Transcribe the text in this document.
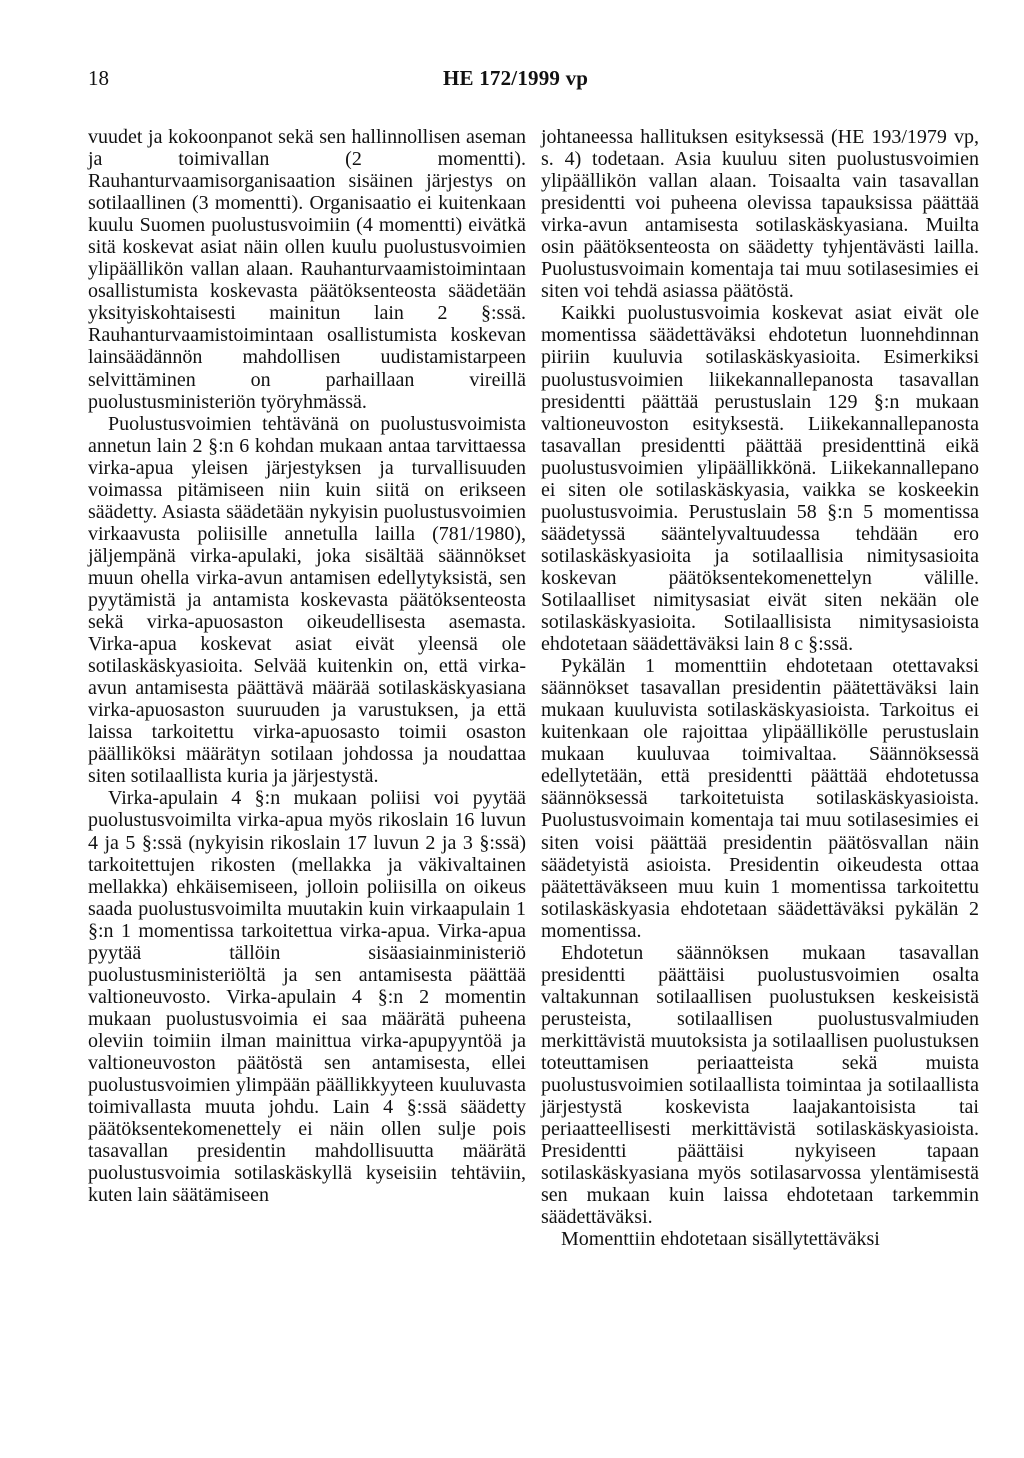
18	HE 172/1999 vp

vuudet ja kokoonpanot sekä sen hallinnollisen aseman ja toimivallan (2 momentti). Rauhanturvaamisorganisaation sisäinen järjestys on sotilaallinen (3 momentti). Organisaatio ei kuitenkaan kuulu Suomen puolustusvoimiin (4 momentti) eivätkä sitä koskevat asiat näin ollen kuulu puolustusvoimien ylipäällikön vallan alaan. Rauhanturvaamistoimintaan osallistumista koskevasta päätöksenteosta säädetään yksityiskohtaisesti mainitun lain 2 §:ssä. Rauhanturvaamistoimintaan osallistumista koskevan lainsäädännön mahdollisen uudistamistarpeen selvittäminen on parhaillaan vireillä puolustusministeriön työryhmässä.

Puolustusvoimien tehtävänä on puolustusvoimista annetun lain 2 §:n 6 kohdan mukaan antaa tarvittaessa virka-apua yleisen järjestyksen ja turvallisuuden voimassa pitämiseen niin kuin siitä on erikseen säädetty. Asiasta säädetään nykyisin puolustusvoimien virkaavusta poliisille annetulla lailla (781/1980), jäljempänä virka-apulaki, joka sisältää säännökset muun ohella virka-avun antamisen edellytyksistä, sen pyytämistä ja antamista koskevasta päätöksenteosta sekä virka-apuosaston oikeudellisesta asemasta. Virka-apua koskevat asiat eivät yleensä ole sotilaskäskyasioita. Selvää kuitenkin on, että virka-avun antamisesta päättävä määrää sotilaskäskyasiana virka-apuosaston suuruuden ja varustuksen, ja että laissa tarkoitettu virka-apuosasto toimii osaston päälliköksi määrätyn sotilaan johdossa ja noudattaa siten sotilaallista kuria ja järjestystä.

Virka-apulain 4 §:n mukaan poliisi voi pyytää puolustusvoimilta virka-apua myös rikoslain 16 luvun 4 ja 5 §:ssä (nykyisin rikoslain 17 luvun 2 ja 3 §:ssä) tarkoitettujen rikosten (mellakka ja väkivaltainen mellakka) ehkäisemiseen, jolloin poliisilla on oikeus saada puolustusvoimilta muutakin kuin virkaapulain 1 §:n 1 momentissa tarkoitettua virka-apua. Virka-apua pyytää tällöin sisäasiainministeriö puolustusministeriöltä ja sen antamisesta päättää valtioneuvosto. Virka-apulain 4 §:n 2 momentin mukaan puolustusvoimia ei saa määrätä puheena oleviin toimiin ilman mainittua virka-apupyyntöä ja valtioneuvoston päätöstä sen antamisesta, ellei puolustusvoimien ylimpään päällikkyyteen kuuluvasta toimivallasta muuta johdu. Lain 4 §:ssä säädetty päätöksentekomenettely ei näin ollen sulje pois tasavallan presidentin mahdollisuutta määrätä puolustusvoimia sotilaskäskyllä kyseisiin tehtäviin, kuten lain säätämiseen

johtaneessa hallituksen esityksessä (HE 193/1979 vp, s. 4) todetaan. Asia kuuluu siten puolustusvoimien ylipäällikön vallan alaan. Toisaalta vain tasavallan presidentti voi puheena olevissa tapauksissa päättää virka-avun antamisesta sotilaskäskyasiana. Muilta osin päätöksenteosta on säädetty tyhjentävästi lailla. Puolustusvoimain komentaja tai muu sotilasesimies ei siten voi tehdä asiassa päätöstä.

Kaikki puolustusvoimia koskevat asiat eivät ole momentissa säädettäväksi ehdotetun luonnehdinnan piiriin kuuluvia sotilaskäskyasioita. Esimerkiksi puolustusvoimien liikekannallepanosta tasavallan presidentti päättää perustuslain 129 §:n mukaan valtioneuvoston esityksestä. Liikekannallepanosta tasavallan presidentti päättää presidenttinä eikä puolustusvoimien ylipäällikkönä. Liikekannallepano ei siten ole sotilaskäskyasia, vaikka se koskeekin puolustusvoimia. Perustuslain 58 §:n 5 momentissa säädetyssä sääntelyvaltuudessa tehdään ero sotilaskäskyasioita ja sotilaallisia nimitysasioita koskevan päätöksentekomenettelyn välille. Sotilaalliset nimitysasiat eivät siten nekään ole sotilaskäskyasioita. Sotilaallisista nimitysasioista ehdotetaan säädettäväksi lain 8 c §:ssä.

Pykälän 1 momenttiin ehdotetaan otettavaksi säännökset tasavallan presidentin päätettäväksi lain mukaan kuuluvista sotilaskäskyasioista. Tarkoitus ei kuitenkaan ole rajoittaa ylipäällikölle perustuslain mukaan kuuluvaa toimivaltaa. Säännöksessä edellytetään, että presidentti päättää ehdotetussa säännöksessä tarkoitetuista sotilaskäskyasioista. Puolustusvoimain komentaja tai muu sotilasesimies ei siten voisi päättää presidentin päätösvallan näin säädetyistä asioista. Presidentin oikeudesta ottaa päätettäväkseen muu kuin 1 momentissa tarkoitettu sotilaskäskyasia ehdotetaan säädettäväksi pykälän 2 momentissa.

Ehdotetun säännöksen mukaan tasavallan presidentti päättäisi puolustusvoimien osalta valtakunnan sotilaallisen puolustuksen keskeisistä perusteista, sotilaallisen puolustusvalmiuden merkittävistä muutoksista ja sotilaallisen puolustuksen toteuttamisen periaatteista sekä muista puolustusvoimien sotilaallista toimintaa ja sotilaallista järjestystä koskevista laajakantoisista tai periaatteellisesti merkittävistä sotilaskäskyasioista. Presidentti päättäisi nykyiseen tapaan sotilaskäskyasiana myös sotilasarvossa ylentämisestä sen mukaan kuin laissa ehdotetaan tarkemmin säädettäväksi.

Momenttiin ehdotetaan sisällytettäväksi
